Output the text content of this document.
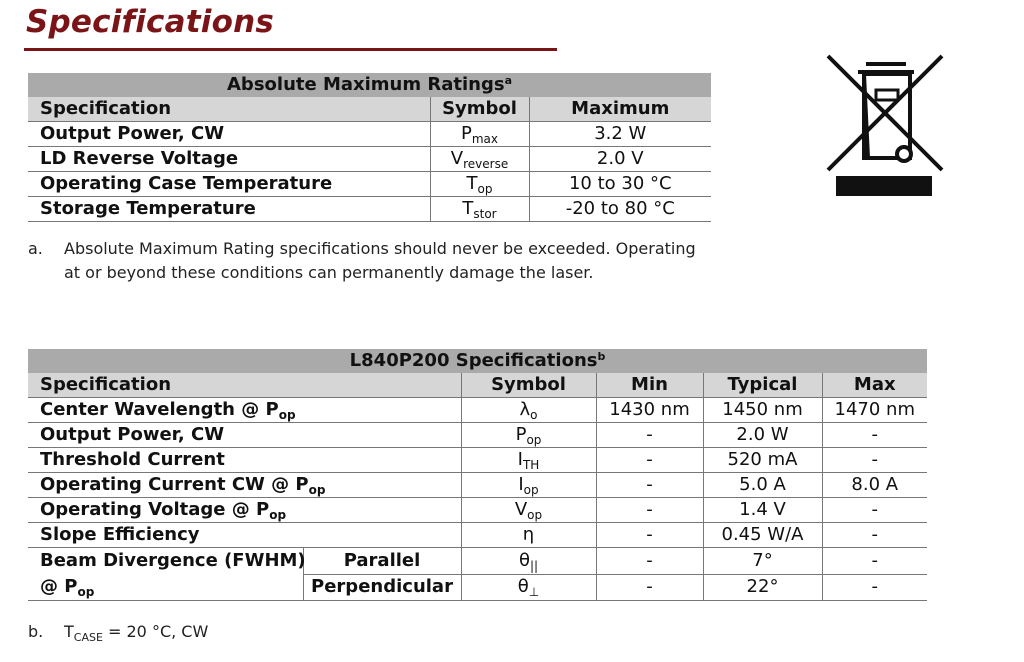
Specifications
Absolute Maximum Ratings$^a$
Specification	Symbol	Maximum
Output Power, CW	$P_{max}$	3.2 W
LD Reverse Voltage	$V_{reverse}$	2.0 V
Operating Case Temperature	$T_{op}$	10 to 30 °C
Storage Temperature	$T_{stor}$	-20 to 80 °C
a. Absolute Maximum Rating specifications should never be exceeded. Operating
at or beyond these conditions can permanently damage the laser.
L840P200 Specifications$^b$
Specification		Symbol	Min	Typical	Max
Center Wavelength @ $P_{op}$		$\lambda_o$	1430 nm	1450 nm	1470 nm
Output Power, CW		$P_{op}$	-	2.0 W	-
Threshold Current		$I_{TH}$	-	520 mA	-
Operating Current CW @ $P_{op}$		$I_{op}$	-	5.0 A	8.0 A
Operating Voltage @ $P_{op}$		$V_{op}$	-	1.4 V	-
Slope Efficiency		η	-	0.45 W/A	-
Beam Divergence (FWHM)	Parallel	$\theta_{||}$	-	7°	-
@ $P_{op}$	Perpendicular	$\theta_\perp$	-	22°	-
b. $T_{CASE} = 20$ °C, CW
